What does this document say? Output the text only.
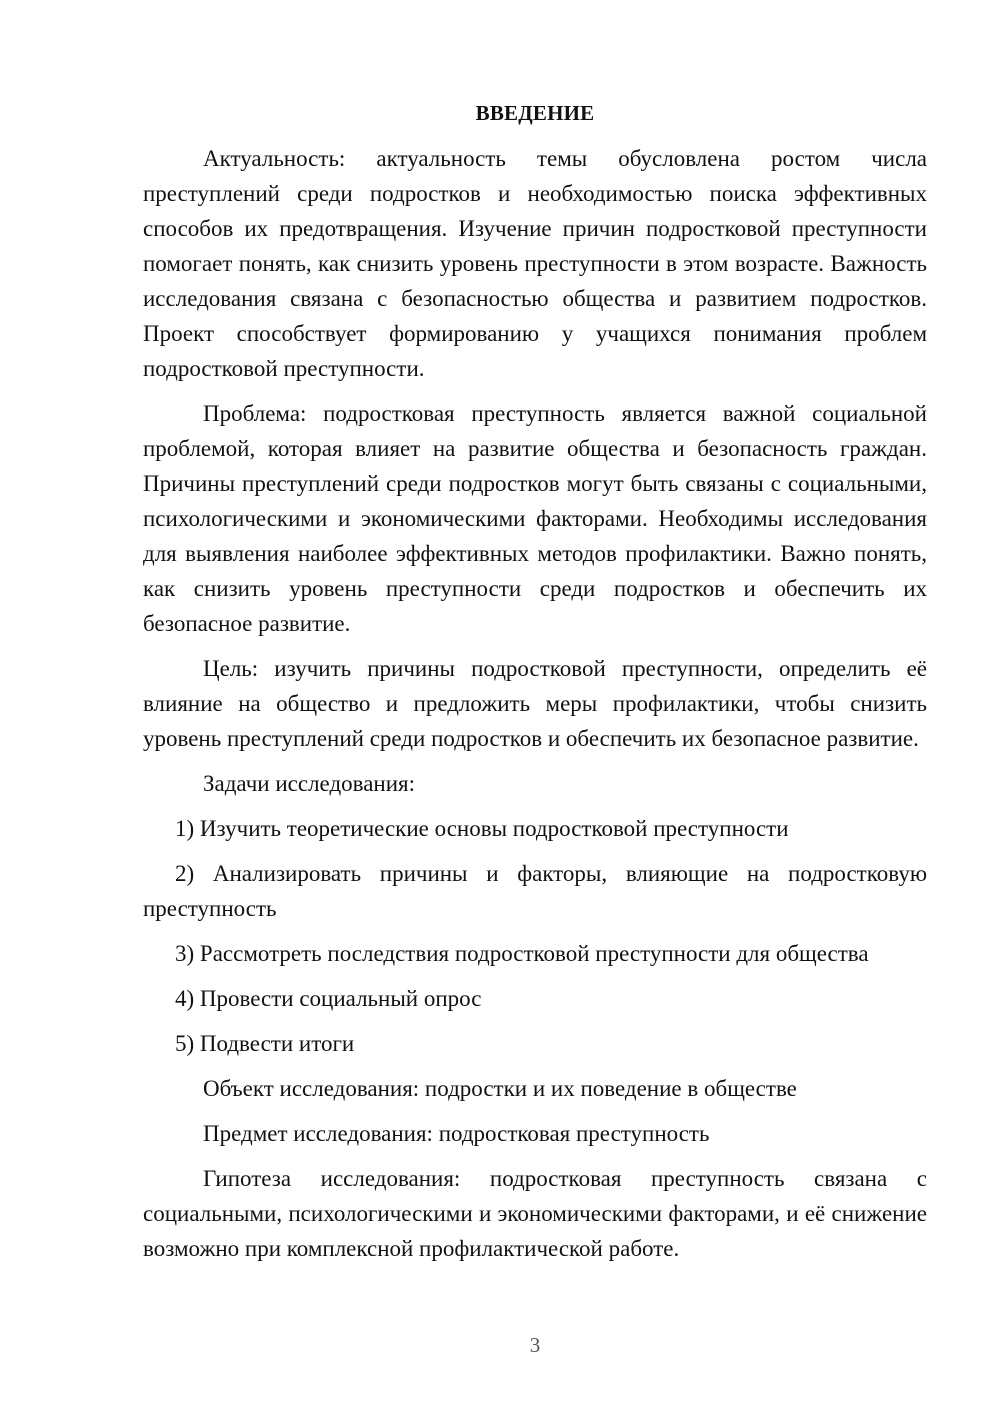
ВВЕДЕНИЕ

Актуальность: актуальность темы обусловлена ростом числа преступлений среди подростков и необходимостью поиска эффективных способов их предотвращения. Изучение причин подростковой преступности помогает понять, как снизить уровень преступности в этом возрасте. Важность исследования связана с безопасностью общества и развитием подростков. Проект способствует формированию у учащихся понимания проблем подростковой преступности.

Проблема: подростковая преступность является важной социальной проблемой, которая влияет на развитие общества и безопасность граждан. Причины преступлений среди подростков могут быть связаны с социальными, психологическими и экономическими факторами. Необходимы исследования для выявления наиболее эффективных методов профилактики. Важно понять, как снизить уровень преступности среди подростков и обеспечить их безопасное развитие.

Цель: изучить причины подростковой преступности, определить её влияние на общество и предложить меры профилактики, чтобы снизить уровень преступлений среди подростков и обеспечить их безопасное развитие.

Задачи исследования:

1) Изучить теоретические основы подростковой преступности

2) Анализировать причины и факторы, влияющие на подростковую преступность

3) Рассмотреть последствия подростковой преступности для общества

4) Провести социальный опрос

5) Подвести итоги

Объект исследования: подростки и их поведение в обществе

Предмет исследования: подростковая преступность

Гипотеза исследования: подростковая преступность связана с социальными, психологическими и экономическими факторами, и её снижение возможно при комплексной профилактической работе.

3
